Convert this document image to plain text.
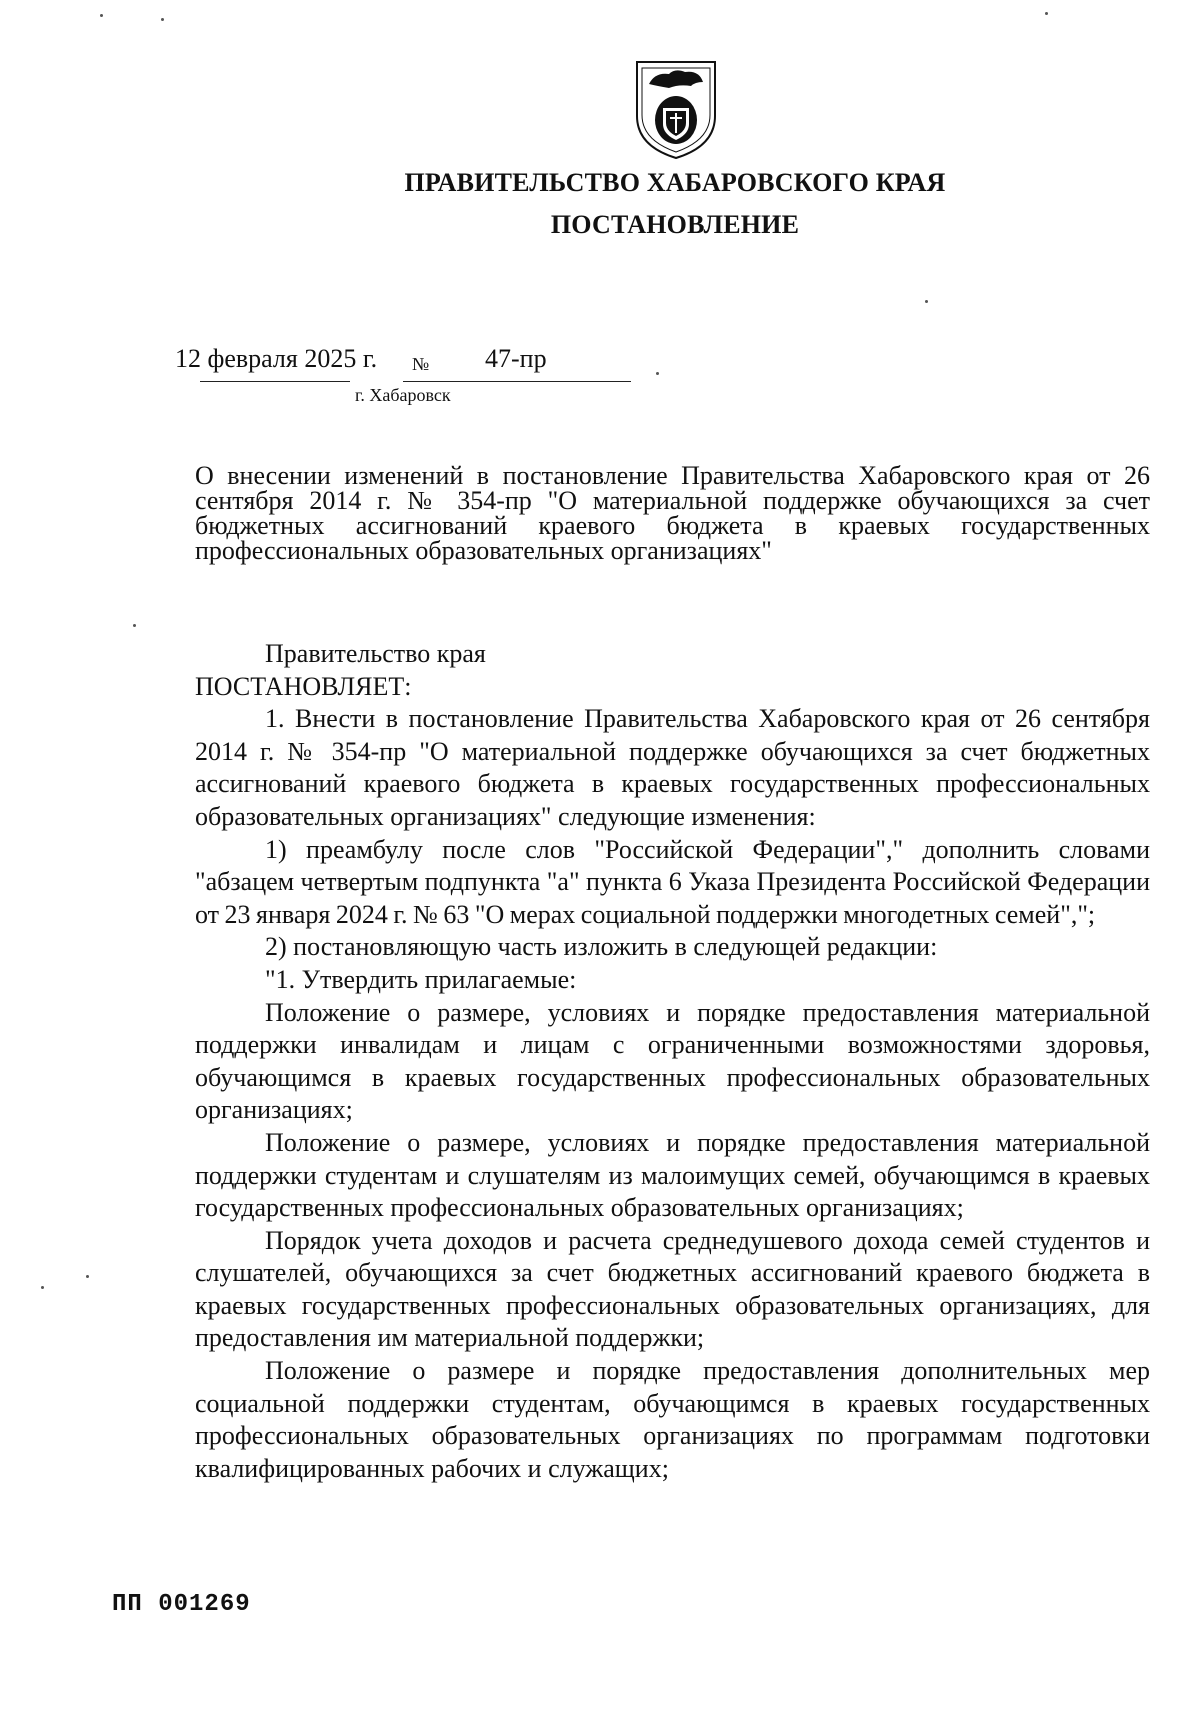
ПРАВИТЕЛЬСТВО ХАБАРОВСКОГО КРАЯ
ПОСТАНОВЛЕНИЕ
12 февраля 2025 г. № 47-пр
г. Хабаровск
О внесении изменений в постановление Правительства Хабаровского края от 26 сентября 2014 г. № 354-пр "О материальной поддержке обучающихся за счет бюджетных ассигнований краевого бюджета в краевых государственных профессиональных образовательных организациях"

Правительство края

ПОСТАНОВЛЯЕТ:

1. Внести в постановление Правительства Хабаровского края от 26 сентября 2014 г. № 354-пр "О материальной поддержке обучающихся за счет бюджетных ассигнований краевого бюджета в краевых государственных профессиональных образовательных организациях" следующие изменения:

1) преамбулу после слов "Российской Федерации"," дополнить словами "абзацем четвертым подпункта "а" пункта 6 Указа Президента Российской Федерации от 23 января 2024 г. № 63 "О мерах социальной поддержки многодетных семей",";

2) постановляющую часть изложить в следующей редакции:

"1. Утвердить прилагаемые:

Положение о размере, условиях и порядке предоставления материальной поддержки инвалидам и лицам с ограниченными возможностями здоровья, обучающимся в краевых государственных профессиональных образовательных организациях;

Положение о размере, условиях и порядке предоставления материальной поддержки студентам и слушателям из малоимущих семей, обучающимся в краевых государственных профессиональных образовательных организациях;

Порядок учета доходов и расчета среднедушевого дохода семей студентов и слушателей, обучающихся за счет бюджетных ассигнований краевого бюджета в краевых государственных профессиональных образовательных организациях, для предоставления им материальной поддержки;

Положение о размере и порядке предоставления дополнительных мер социальной поддержки студентам, обучающимся в краевых государственных профессиональных образовательных организациях по программам подготовки квалифицированных рабочих и служащих;

ПП 001269
